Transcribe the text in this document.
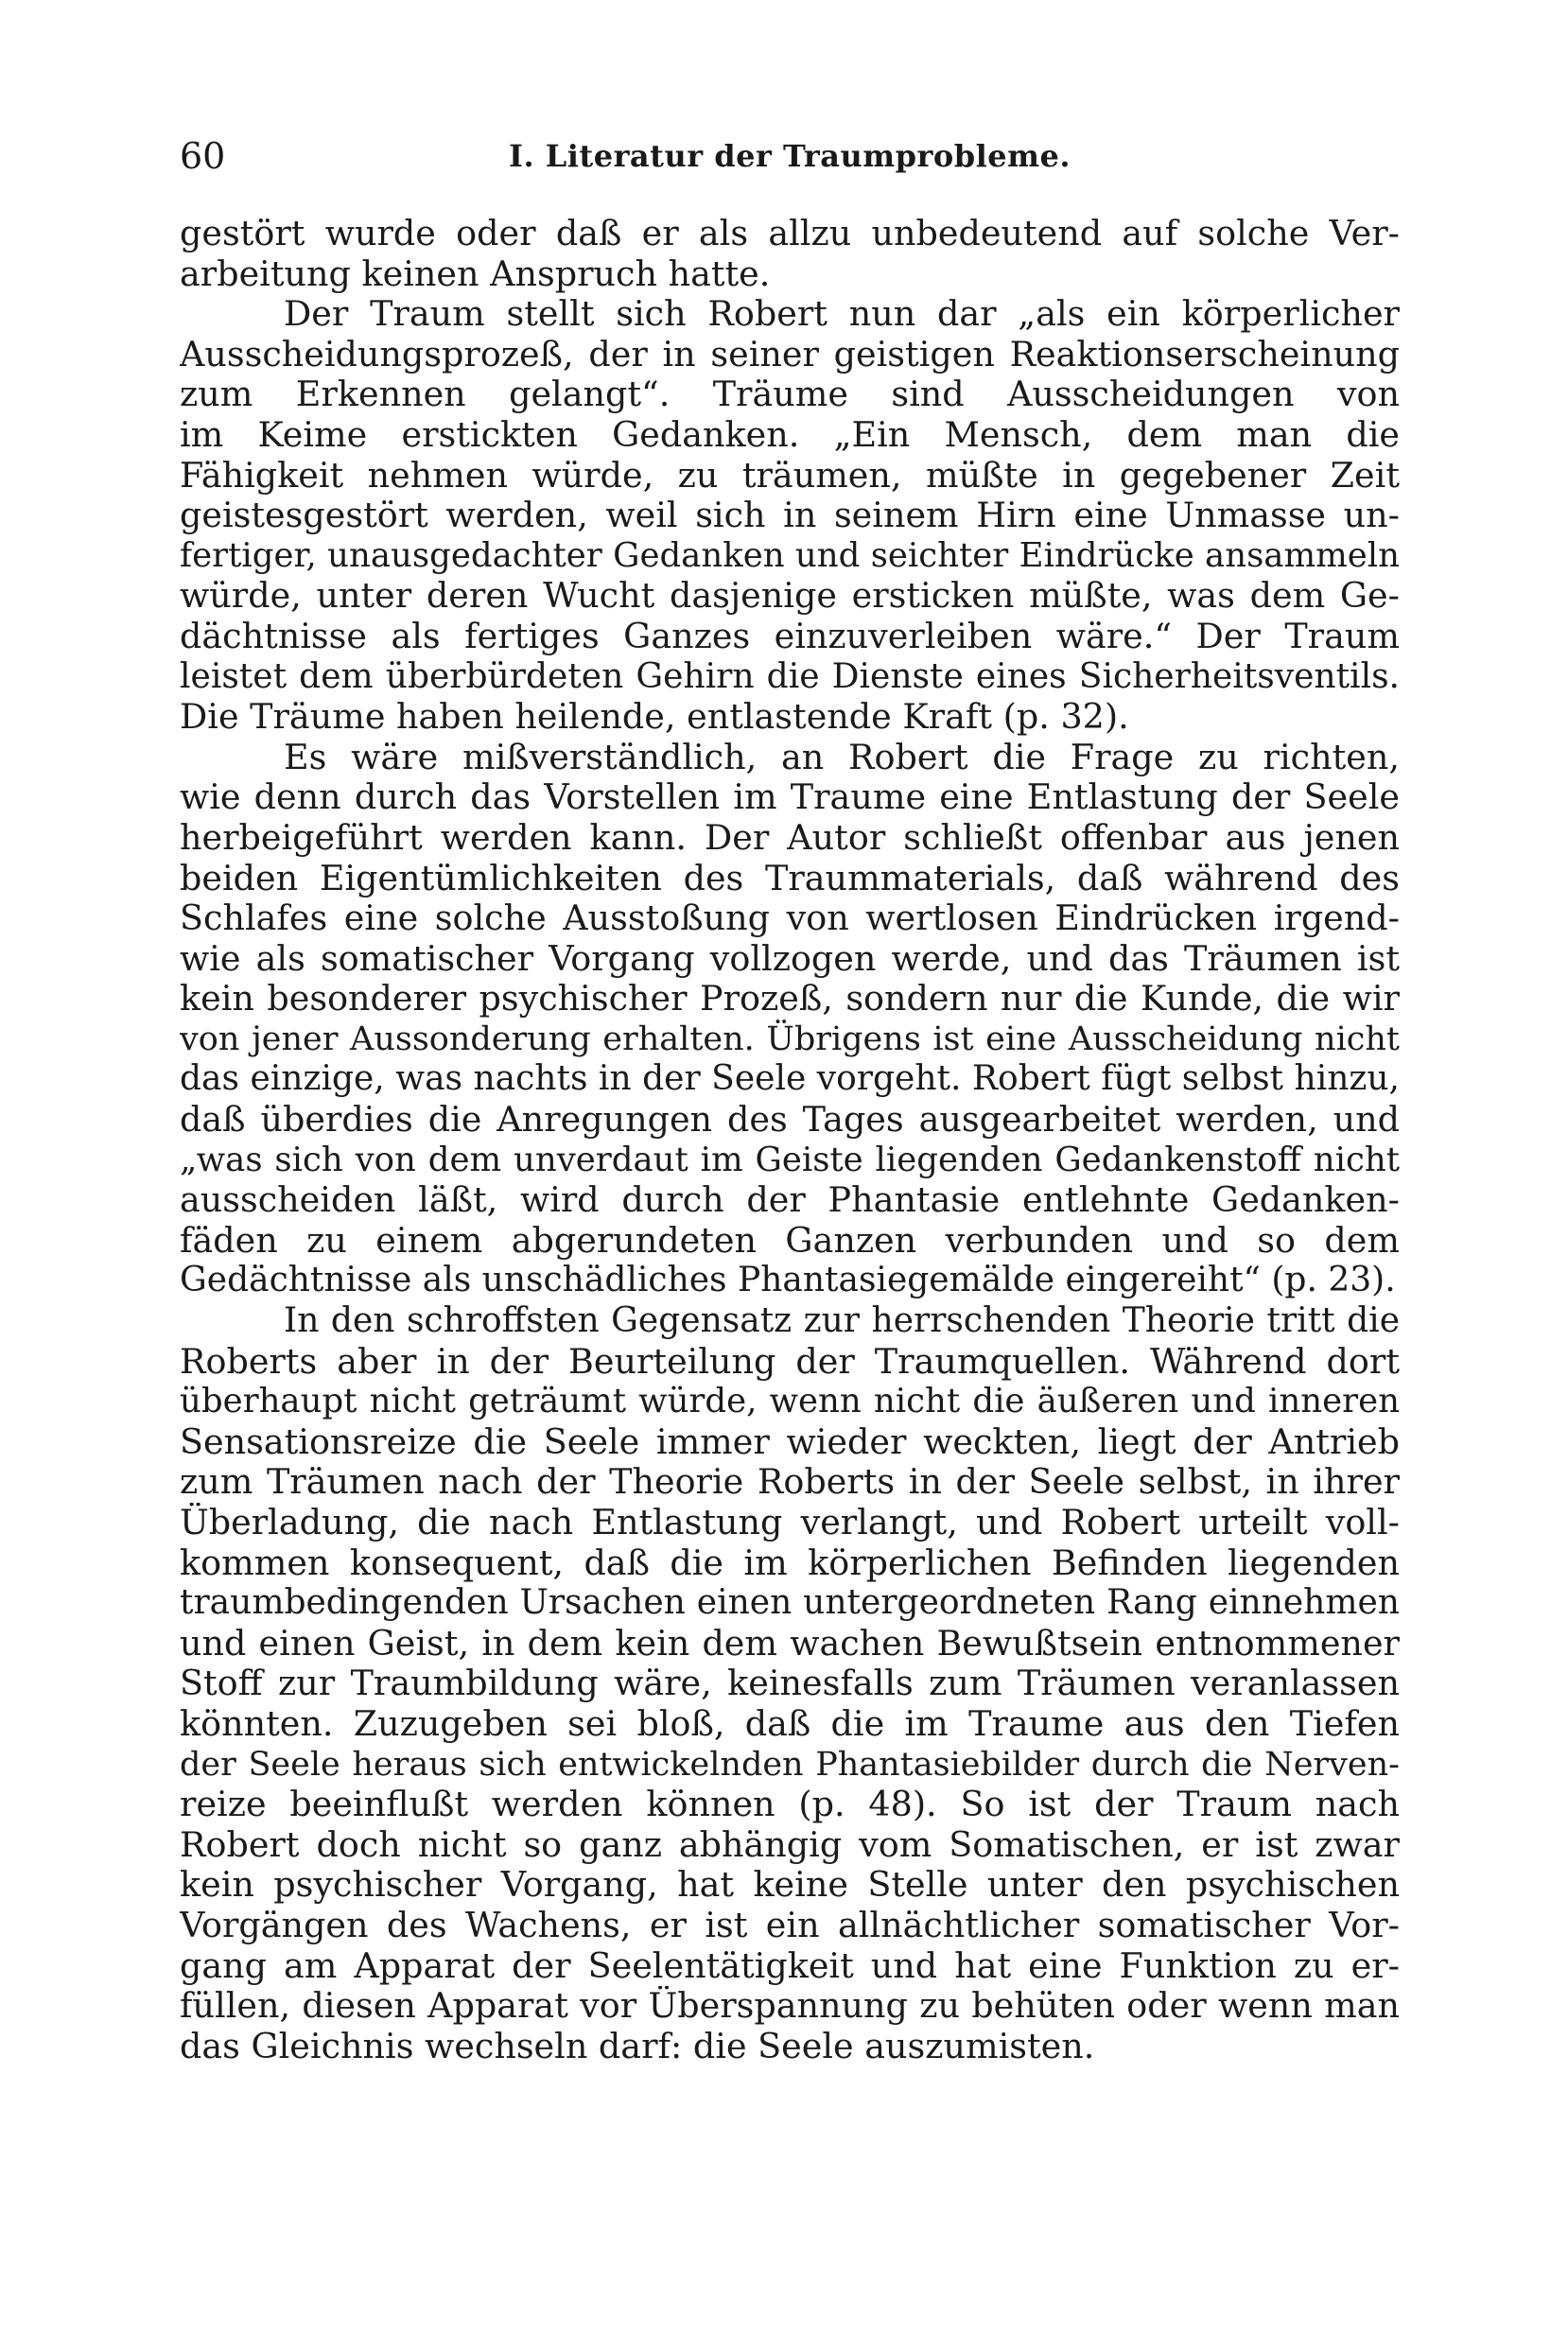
60	I. Literatur der Traumprobleme.
gestört wurde oder daß er als allzu unbedeutend auf solche Ver-
arbeitung keinen Anspruch hatte.
Der Traum stellt sich Robert nun dar „als ein körperlicher
Ausscheidungsprozeß, der in seiner geistigen Reaktionserscheinung
zum Erkennen gelangt“. Träume sind Ausscheidungen von
im Keime erstickten Gedanken. „Ein Mensch, dem man die
Fähigkeit nehmen würde, zu träumen, müßte in gegebener Zeit
geistesgestört werden, weil sich in seinem Hirn eine Unmasse un-
fertiger, unausgedachter Gedanken und seichter Eindrücke ansammeln
würde, unter deren Wucht dasjenige ersticken müßte, was dem Ge-
dächtnisse als fertiges Ganzes einzuverleiben wäre.“ Der Traum
leistet dem überbürdeten Gehirn die Dienste eines Sicherheitsventils.
Die Träume haben heilende, entlastende Kraft (p. 32).
Es wäre mißverständlich, an Robert die Frage zu richten,
wie denn durch das Vorstellen im Traume eine Entlastung der Seele
herbeigeführt werden kann. Der Autor schließt offenbar aus jenen
beiden Eigentümlichkeiten des Traummaterials, daß während des
Schlafes eine solche Ausstoßung von wertlosen Eindrücken irgend-
wie als somatischer Vorgang vollzogen werde, und das Träumen ist
kein besonderer psychischer Prozeß, sondern nur die Kunde, die wir
von jener Aussonderung erhalten. Übrigens ist eine Ausscheidung nicht
das einzige, was nachts in der Seele vorgeht. Robert fügt selbst hinzu,
daß überdies die Anregungen des Tages ausgearbeitet werden, und
„was sich von dem unverdaut im Geiste liegenden Gedankenstoff nicht
ausscheiden läßt, wird durch der Phantasie entlehnte Gedanken-
fäden zu einem abgerundeten Ganzen verbunden und so dem
Gedächtnisse als unschädliches Phantasiegemälde eingereiht“ (p. 23).
In den schroffsten Gegensatz zur herrschenden Theorie tritt die
Roberts aber in der Beurteilung der Traumquellen. Während dort
überhaupt nicht geträumt würde, wenn nicht die äußeren und inneren
Sensationsreize die Seele immer wieder weckten, liegt der Antrieb
zum Träumen nach der Theorie Roberts in der Seele selbst, in ihrer
Überladung, die nach Entlastung verlangt, und Robert urteilt voll-
kommen konsequent, daß die im körperlichen Befinden liegenden
traumbedingenden Ursachen einen untergeordneten Rang einnehmen
und einen Geist, in dem kein dem wachen Bewußtsein entnommener
Stoff zur Traumbildung wäre, keinesfalls zum Träumen veranlassen
könnten. Zuzugeben sei bloß, daß die im Traume aus den Tiefen
der Seele heraus sich entwickelnden Phantasiebilder durch die Nerven-
reize beeinflußt werden können (p. 48). So ist der Traum nach
Robert doch nicht so ganz abhängig vom Somatischen, er ist zwar
kein psychischer Vorgang, hat keine Stelle unter den psychischen
Vorgängen des Wachens, er ist ein allnächtlicher somatischer Vor-
gang am Apparat der Seelentätigkeit und hat eine Funktion zu er-
füllen, diesen Apparat vor Überspannung zu behüten oder wenn man
das Gleichnis wechseln darf: die Seele auszumisten.
